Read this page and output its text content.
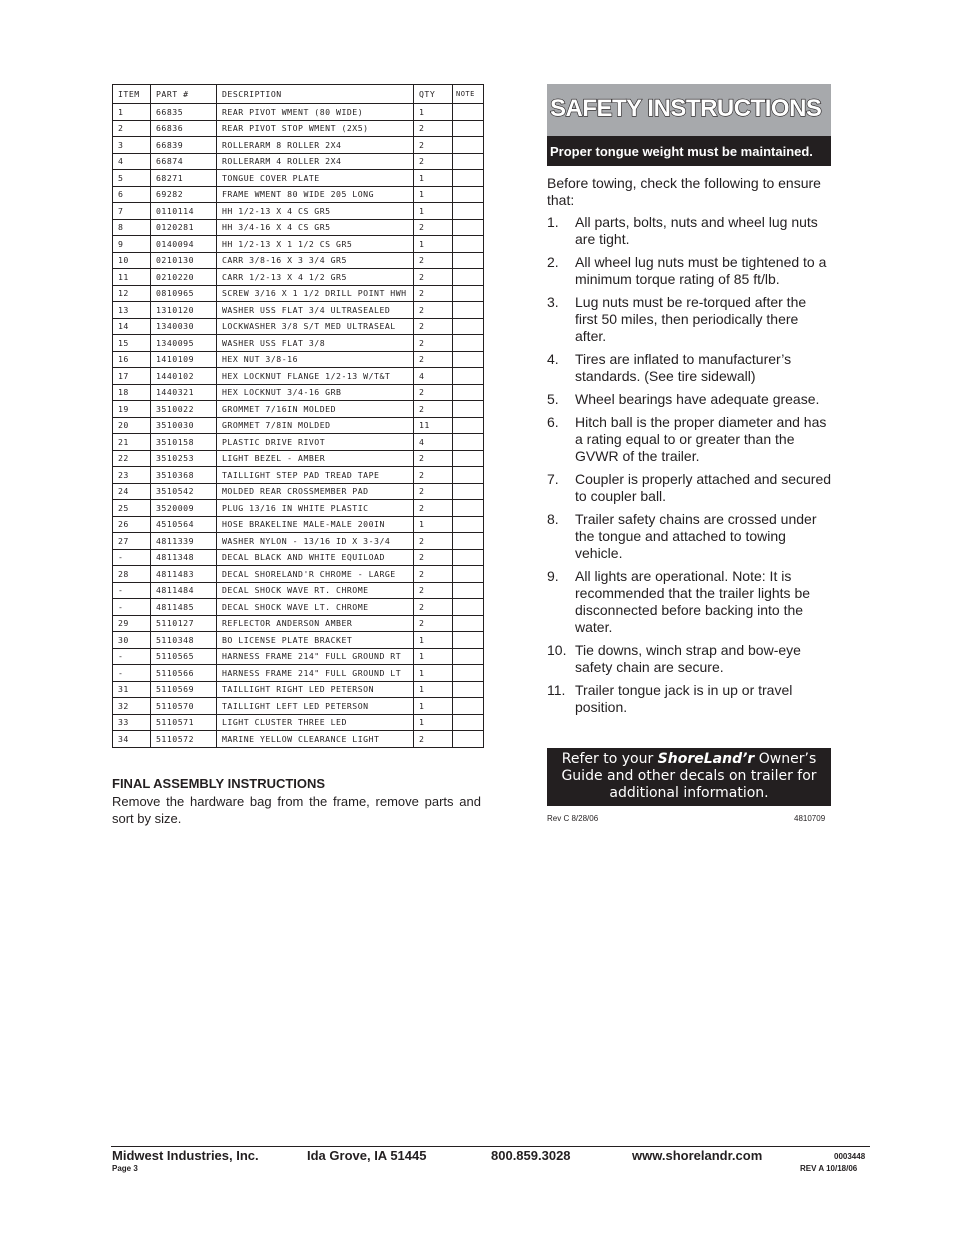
ITEM	PART #	DESCRIPTION	QTY	NOTE
1	66835	REAR PIVOT WMENT (80 WIDE)	1	
2	66836	REAR PIVOT STOP WMENT (2X5)	2	
3	66839	ROLLERARM 8 ROLLER 2X4	2	
4	66874	ROLLERARM 4 ROLLER 2X4	2	
5	68271	TONGUE COVER PLATE	1	
6	69282	FRAME WMENT 80 WIDE 205 LONG	1	
7	0110114	HH 1/2-13 X 4 CS GR5	1	
8	0120281	HH 3/4-16 X 4 CS GR5	2	
9	0140094	HH 1/2-13 X 1 1/2 CS GR5	1	
10	0210130	CARR 3/8-16 X 3 3/4 GR5	2	
11	0210220	CARR 1/2-13 X 4 1/2 GR5	2	
12	0810965	SCREW 3/16 X 1 1/2 DRILL POINT HWH	2	
13	1310120	WASHER USS FLAT 3/4 ULTRASEALED	2	
14	1340030	LOCKWASHER 3/8 S/T MED ULTRASEAL	2	
15	1340095	WASHER USS FLAT 3/8	2	
16	1410109	HEX NUT 3/8-16	2	
17	1440102	HEX LOCKNUT FLANGE 1/2-13 W/T&T	4	
18	1440321	HEX LOCKNUT 3/4-16 GRB	2	
19	3510022	GROMMET 7/16IN MOLDED	2	
20	3510030	GROMMET 7/8IN MOLDED	11	
21	3510158	PLASTIC DRIVE RIVOT	4	
22	3510253	LIGHT BEZEL - AMBER	2	
23	3510368	TAILLIGHT STEP PAD TREAD TAPE	2	
24	3510542	MOLDED REAR CROSSMEMBER PAD	2	
25	3520009	PLUG 13/16 IN WHITE PLASTIC	2	
26	4510564	HOSE BRAKELINE MALE-MALE 200IN	1	
27	4811339	WASHER NYLON - 13/16 ID X 3-3/4	2	
-	4811348	DECAL BLACK AND WHITE EQUILOAD	2	
28	4811483	DECAL SHORELAND'R CHROME - LARGE	2	
-	4811484	DECAL SHOCK WAVE RT. CHROME	2	
-	4811485	DECAL SHOCK WAVE LT. CHROME	2	
29	5110127	REFLECTOR ANDERSON AMBER	2	
30	5110348	BO LICENSE PLATE BRACKET	1	
-	5110565	HARNESS FRAME 214" FULL GROUND RT	1	
-	5110566	HARNESS FRAME 214" FULL GROUND LT	1	
31	5110569	TAILLIGHT RIGHT LED PETERSON	1	
32	5110570	TAILLIGHT LEFT LED PETERSON	1	
33	5110571	LIGHT CLUSTER THREE LED	1	
34	5110572	MARINE YELLOW CLEARANCE LIGHT	2	

FINAL ASSEMBLY INSTRUCTIONS

Remove the hardware bag from the frame, remove parts and sort by size.

SAFETY INSTRUCTIONS

Proper tongue weight must be maintained.

Before towing, check the following to ensure that:

1. All parts, bolts, nuts and wheel lug nuts are tight.
2. All wheel lug nuts must be tightened to a minimum torque rating of 85 ft/lb.
3. Lug nuts must be re-torqued after the first 50 miles, then periodically there after.
4. Tires are inflated to manufacturer’s standards. (See tire sidewall)
5. Wheel bearings have adequate grease.
6. Hitch ball is the proper diameter and has a rating equal to or greater than the GVWR of the trailer.
7. Coupler is properly attached and secured to coupler ball.
8. Trailer safety chains are crossed under the tongue and attached to towing vehicle.
9. All lights are operational. Note: It is recommended that the trailer lights be disconnected before backing into the water.
10. Tie downs, winch strap and bow-eye safety chain are secure.
11. Trailer tongue jack is in up or travel position.
Refer to your ShoreLand’r Owner’s Guide and other decals on trailer for additional information.

Rev C 8/28/06	4810709

Midwest Industries, Inc.	Ida Grove, IA 51445	800.859.3028	www.shorelandr.com

Page 3

0003448

REV A 10/18/06
